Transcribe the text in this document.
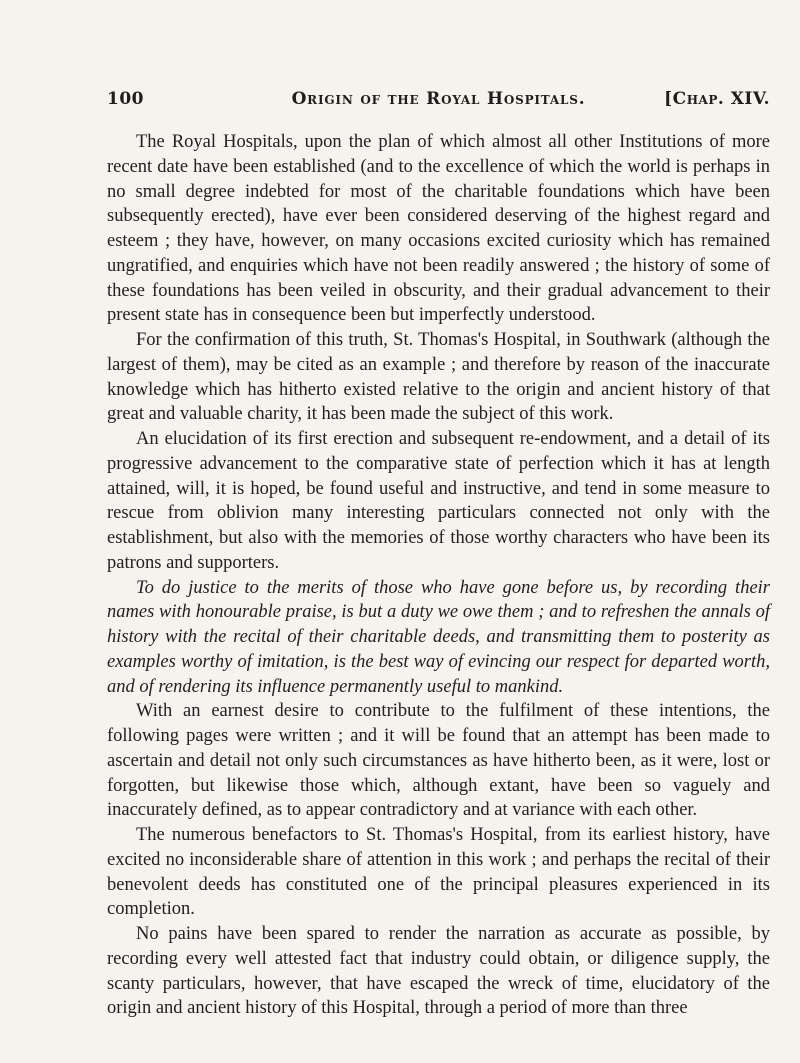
100	Origin of the Royal Hospitals.	[Chap. XIV.

The Royal Hospitals, upon the plan of which almost all other Institutions of more recent date have been established (and to the excellence of which the world is perhaps in no small degree indebted for most of the charitable foundations which have been subsequently erected), have ever been considered deserving of the highest regard and esteem ; they have, however, on many occasions excited curiosity which has remained ungratified, and enquiries which have not been readily answered ; the history of some of these foundations has been veiled in obscurity, and their gradual advancement to their present state has in consequence been but imperfectly understood.

For the confirmation of this truth, St. Thomas's Hospital, in Southwark (although the largest of them), may be cited as an example ; and therefore by reason of the inaccurate knowledge which has hitherto existed relative to the origin and ancient history of that great and valuable charity, it has been made the subject of this work.

An elucidation of its first erection and subsequent re-endowment, and a detail of its progressive advancement to the comparative state of perfection which it has at length attained, will, it is hoped, be found useful and instructive, and tend in some measure to rescue from oblivion many interesting particulars connected not only with the establishment, but also with the memories of those worthy characters who have been its patrons and supporters.

To do justice to the merits of those who have gone before us, by recording their names with honourable praise, is but a duty we owe them ; and to refreshen the annals of history with the recital of their charitable deeds, and transmitting them to posterity as examples worthy of imitation, is the best way of evincing our respect for departed worth, and of rendering its influence permanently useful to mankind.

With an earnest desire to contribute to the fulfilment of these intentions, the following pages were written ; and it will be found that an attempt has been made to ascertain and detail not only such circumstances as have hitherto been, as it were, lost or forgotten, but likewise those which, although extant, have been so vaguely and inaccurately defined, as to appear contradictory and at variance with each other.

The numerous benefactors to St. Thomas's Hospital, from its earliest history, have excited no inconsiderable share of attention in this work ; and perhaps the recital of their benevolent deeds has constituted one of the principal pleasures experienced in its completion.

No pains have been spared to render the narration as accurate as possible, by recording every well attested fact that industry could obtain, or diligence supply, the scanty particulars, however, that have escaped the wreck of time, elucidatory of the origin and ancient history of this Hospital, through a period of more than three
